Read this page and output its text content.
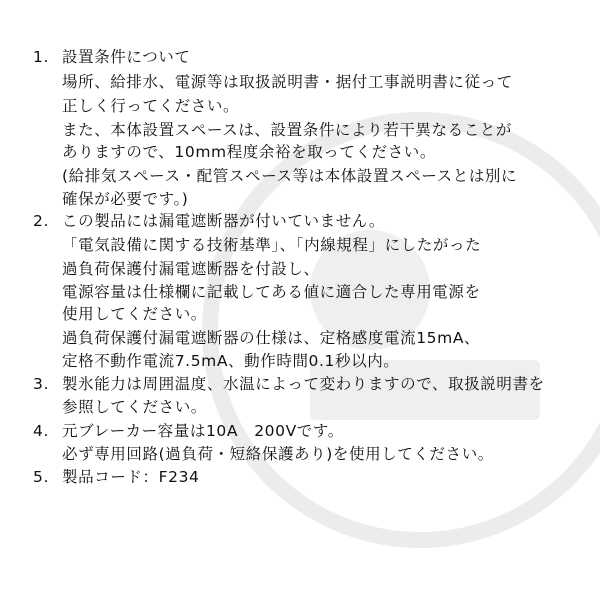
1. 設置条件について
場所、給排水、電源等は取扱説明書・据付工事説明書に従って
正しく行ってください。
また、本体設置スペースは、設置条件により若干異なることが
ありますので、10mm程度余裕を取ってください。
(給排気スペース・配管スペース等は本体設置スペースとは別に
確保が必要です。)
2. この製品には漏電遮断器が付いていません。
「電気設備に関する技術基準」、「内線規程」にしたがった
過負荷保護付漏電遮断器を付設し、
電源容量は仕様欄に記載してある値に適合した専用電源を
使用してください。
過負荷保護付漏電遮断器の仕様は、定格感度電流15mA、
定格不動作電流7.5mA、動作時間0.1秒以内。
3. 製氷能力は周囲温度、水温によって変わりますので、取扱説明書を
参照してください。
4. 元ブレーカー容量は10A　200Vです。
必ず専用回路(過負荷・短絡保護あり)を使用してください。
5. 製品コード：F234
